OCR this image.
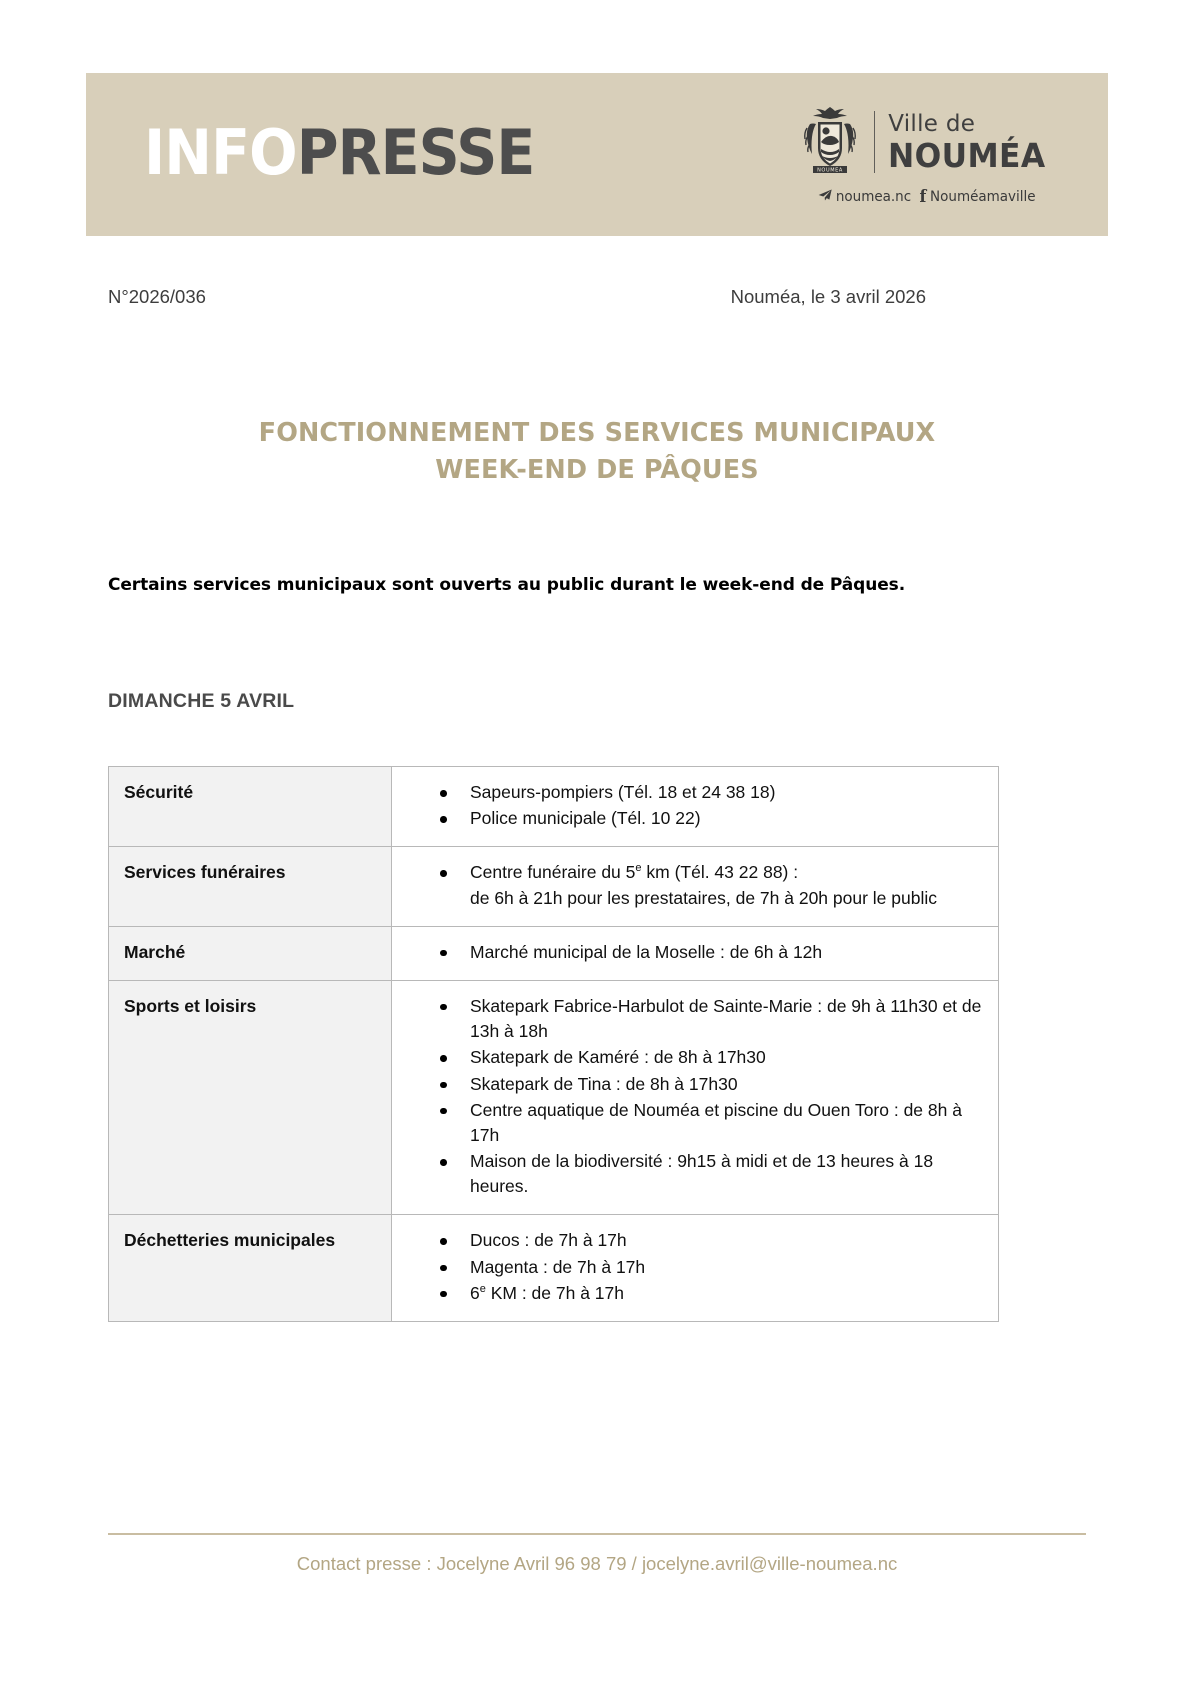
INFOPRESSE	NOUMEA
Ville de
NOUMÉA
noumea.nc f Nouméamaville
N°2026/036	Nouméa, le 3 avril 2026
FONCTIONNEMENT DES SERVICES MUNICIPAUX
WEEK-END DE PÂQUES
Certains services municipaux sont ouverts au public durant le week-end de Pâques.
DIMANCHE 5 AVRIL
Sécurité	Sapeurs-pompiers (Tél. 18 et 24 38 18)
Police municipale (Tél. 10 22)

Services funéraires	Centre funéraire du 5e km (Tél. 43 22 88) :
de 6h à 21h pour les prestataires, de 7h à 20h pour le public

Marché	Marché municipal de la Moselle : de 6h à 12h

Sports et loisirs	Skatepark Fabrice-Harbulot de Sainte-Marie : de 9h à 11h30 et de 13h à 18h
Skatepark de Kaméré : de 8h à 17h30
Skatepark de Tina : de 8h à 17h30
Centre aquatique de Nouméa et piscine du Ouen Toro : de 8h à 17h
Maison de la biodiversité : 9h15 à midi et de 13 heures à 18 heures.

Déchetteries municipales	Ducos : de 7h à 17h
Magenta : de 7h à 17h
6e KM : de 7h à 17h
Contact presse : Jocelyne Avril 96 98 79 / jocelyne.avril@ville-noumea.nc
